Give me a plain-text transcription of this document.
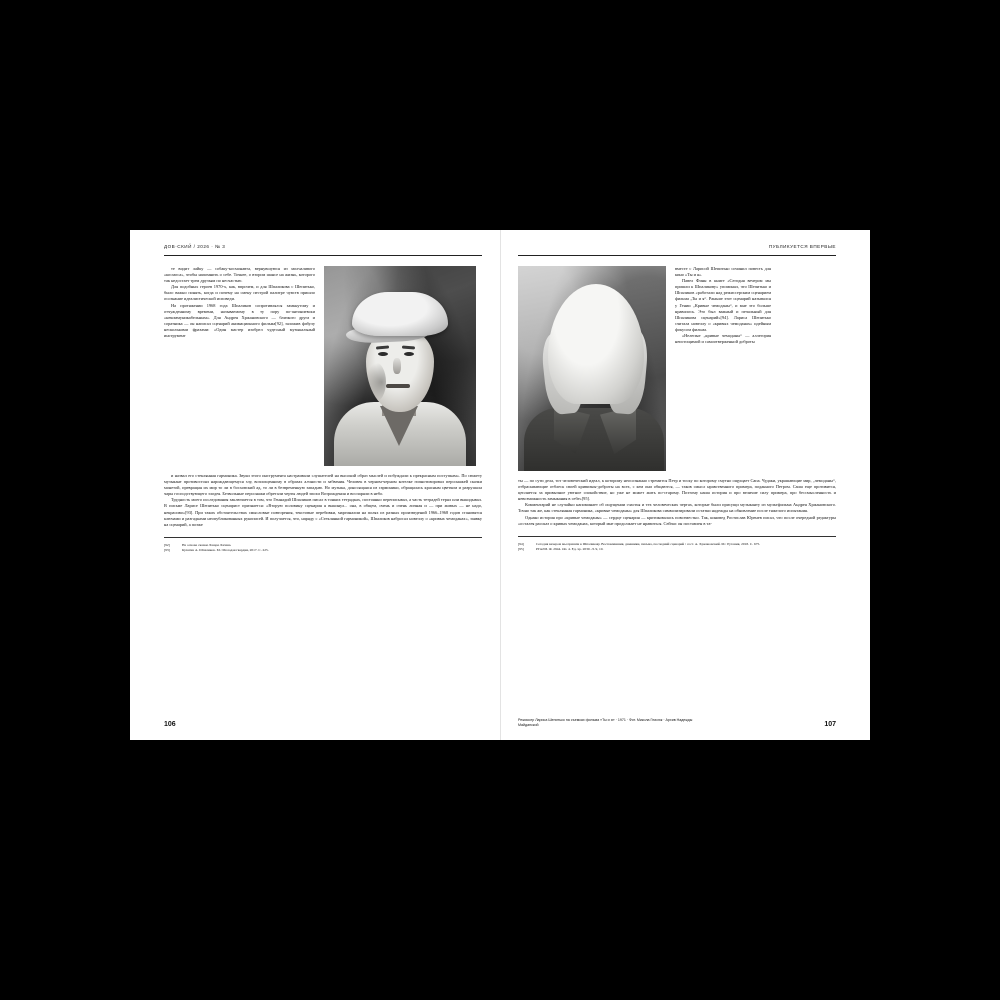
ДОВ·СКИЙ / 2026 · № 3

те видит лайку — собаку-космонавта, вернувшуюся из молчаливого «космоса», чтобы напомнить о себе. Точнее, о втором шансе на жизнь, которого так недостает трем друзьям по несчастью.

Для подобных героев 1970-х, как, впрочем, и для Шпаликова с Шепитько, было важно понять, когда и почему на смену пестрой палитре чувств пришло осознание идеалистической исповеди.

На протяжении 1968 года Шпаликов сопротивлялся замкнутому и отчужденному времени, называемому в ту пору по-антониевски «некоммуникабельным». Для Андрея Хржановского — близкого друга и соратника — он написал сценарий анимационного фильма[92], заложив фабулу несколькими фразами: «Один мастер изобрел чудесный музыкальный инструмент

и назвал его стеклянная гармоника. Звуки этого инструмента настраивали слушателей на высокий образ мыслей и побуждали к прекрасным поступкам». По сюжету музыкант противостоял нарождающемуся злу, воплощенному в образах алчности и забвения. Человек в черном-черном котелке гипнотизировал персонажей сказки монетой, превращая их мир то ли в босховский ад, то ли в безвременную западню. Но музыка, доносящаяся из гармоники, обращалась красным цветком и разрушала чары господствующего злодея. Безвольные персонажи обретали черты людей эпохи Возрождения и воспаряли в небо.

Трудность моего исследования заключается в том, что Геннадий Шпаликов писал в тонких тетрадках, постоянно переписывал, а часть тетрадей терял или выкидывал. В письме Ларисе Шепитько сценарист признается: «Вторую половину сценария я выкинул... она, в общем, очень и очень личная и — при живых — не надо, некрасиво»[93]. При таких обстоятельствах смысловые повторения, текстовые перебивки, маргиналии на полях из разных произведений 1966–1968 годов становятся ключами и разгадками неопубликованных рукописей. И получается, что, наряду с «Стеклянной гармоникой», Шпаликов набросал новеллу о «кривых чемоданах», заявку на сценарий, а позже

[92]	На основе сказки Лазаря Лагина.
[93]	Кулагин А. Шпаликов. М.: Молодая гвардия, 2017. С. 225.
106
ПУБЛИКУЕТСЯ ВПЕРВЫЕ

вместе с Ларисой Шепитько сочинил повесть для кино «Ты и я».

Павел Финн в книге «Сегодня вечером мы пришли к Шпаликову» упоминал, что Шепитько и Шпаликов «работали над режиссерским сценарием фильма „Ты и я“. Раньше этот сценарий назывался у Гении „Кривые чемоданы“, и мне это больше нравилось. Это был важный и печальный для Шпаликова сценарий»[94]. Лариса Шепитько считала новеллу о «кривых чемоданах» идейным фокусом фильма.

«Нелепые „кривые чемоданы“ — аллегория неистощимой и самоотверженной доброты

ты — по сути дела, тот человеческий идеал, к которому неосознанно стремится Петр и тоску по которому смутно ощущает Сапа. Чудаки, украшающие мир, „чемоданы“, отбрасывающие отблеск своей кривизны-доброты на всех, с кем они общаются, — таков смысл нравственного примера, поданного Петром. Саша еще противится, цепляется за привычное уютное спокойствие, но уже не может жить по-старому. Поэтому наша история и про величие силу примера, про бессмысленность и невозможность замыкания в себе»[95].

Комментарий не случайно напоминает об ощущении счастья и тех человеческих чертах, которые были присущи музыканту из мультфильма Андрея Хржановского. Точно так же, как стеклянная гармоника, «кривые чемоданы» для Шпаликова символизировали остатки надежды на обновление после тяжелого испытания.

Однако история про «кривые чемоданы» — сердце сценария — критиковалась повсеместно. Так, киновед Ростислав Юренев писал, что после очередной редактуры «осталея рассказ о кривых чемоданах, который мне продолжает не нравиться. Сейчас он поставлен в та-

[94]	Сегодня вечером мы пришли к Шпаликову. Воспоминания, дневники, письма, последний сценарий / сост. А. Хржановский. М.: Рутения, 2018. С. 675.
[95]	РГАЛИ. Ф. 2944. Оп. 4. Ед. хр. 2030. Л. 9, 10.
Режиссер Лариса Шепитько на съемках фильма «Ты и я» · 1971 · Фот. Микола Гнисюк · Архив Надежды Майданской	107
